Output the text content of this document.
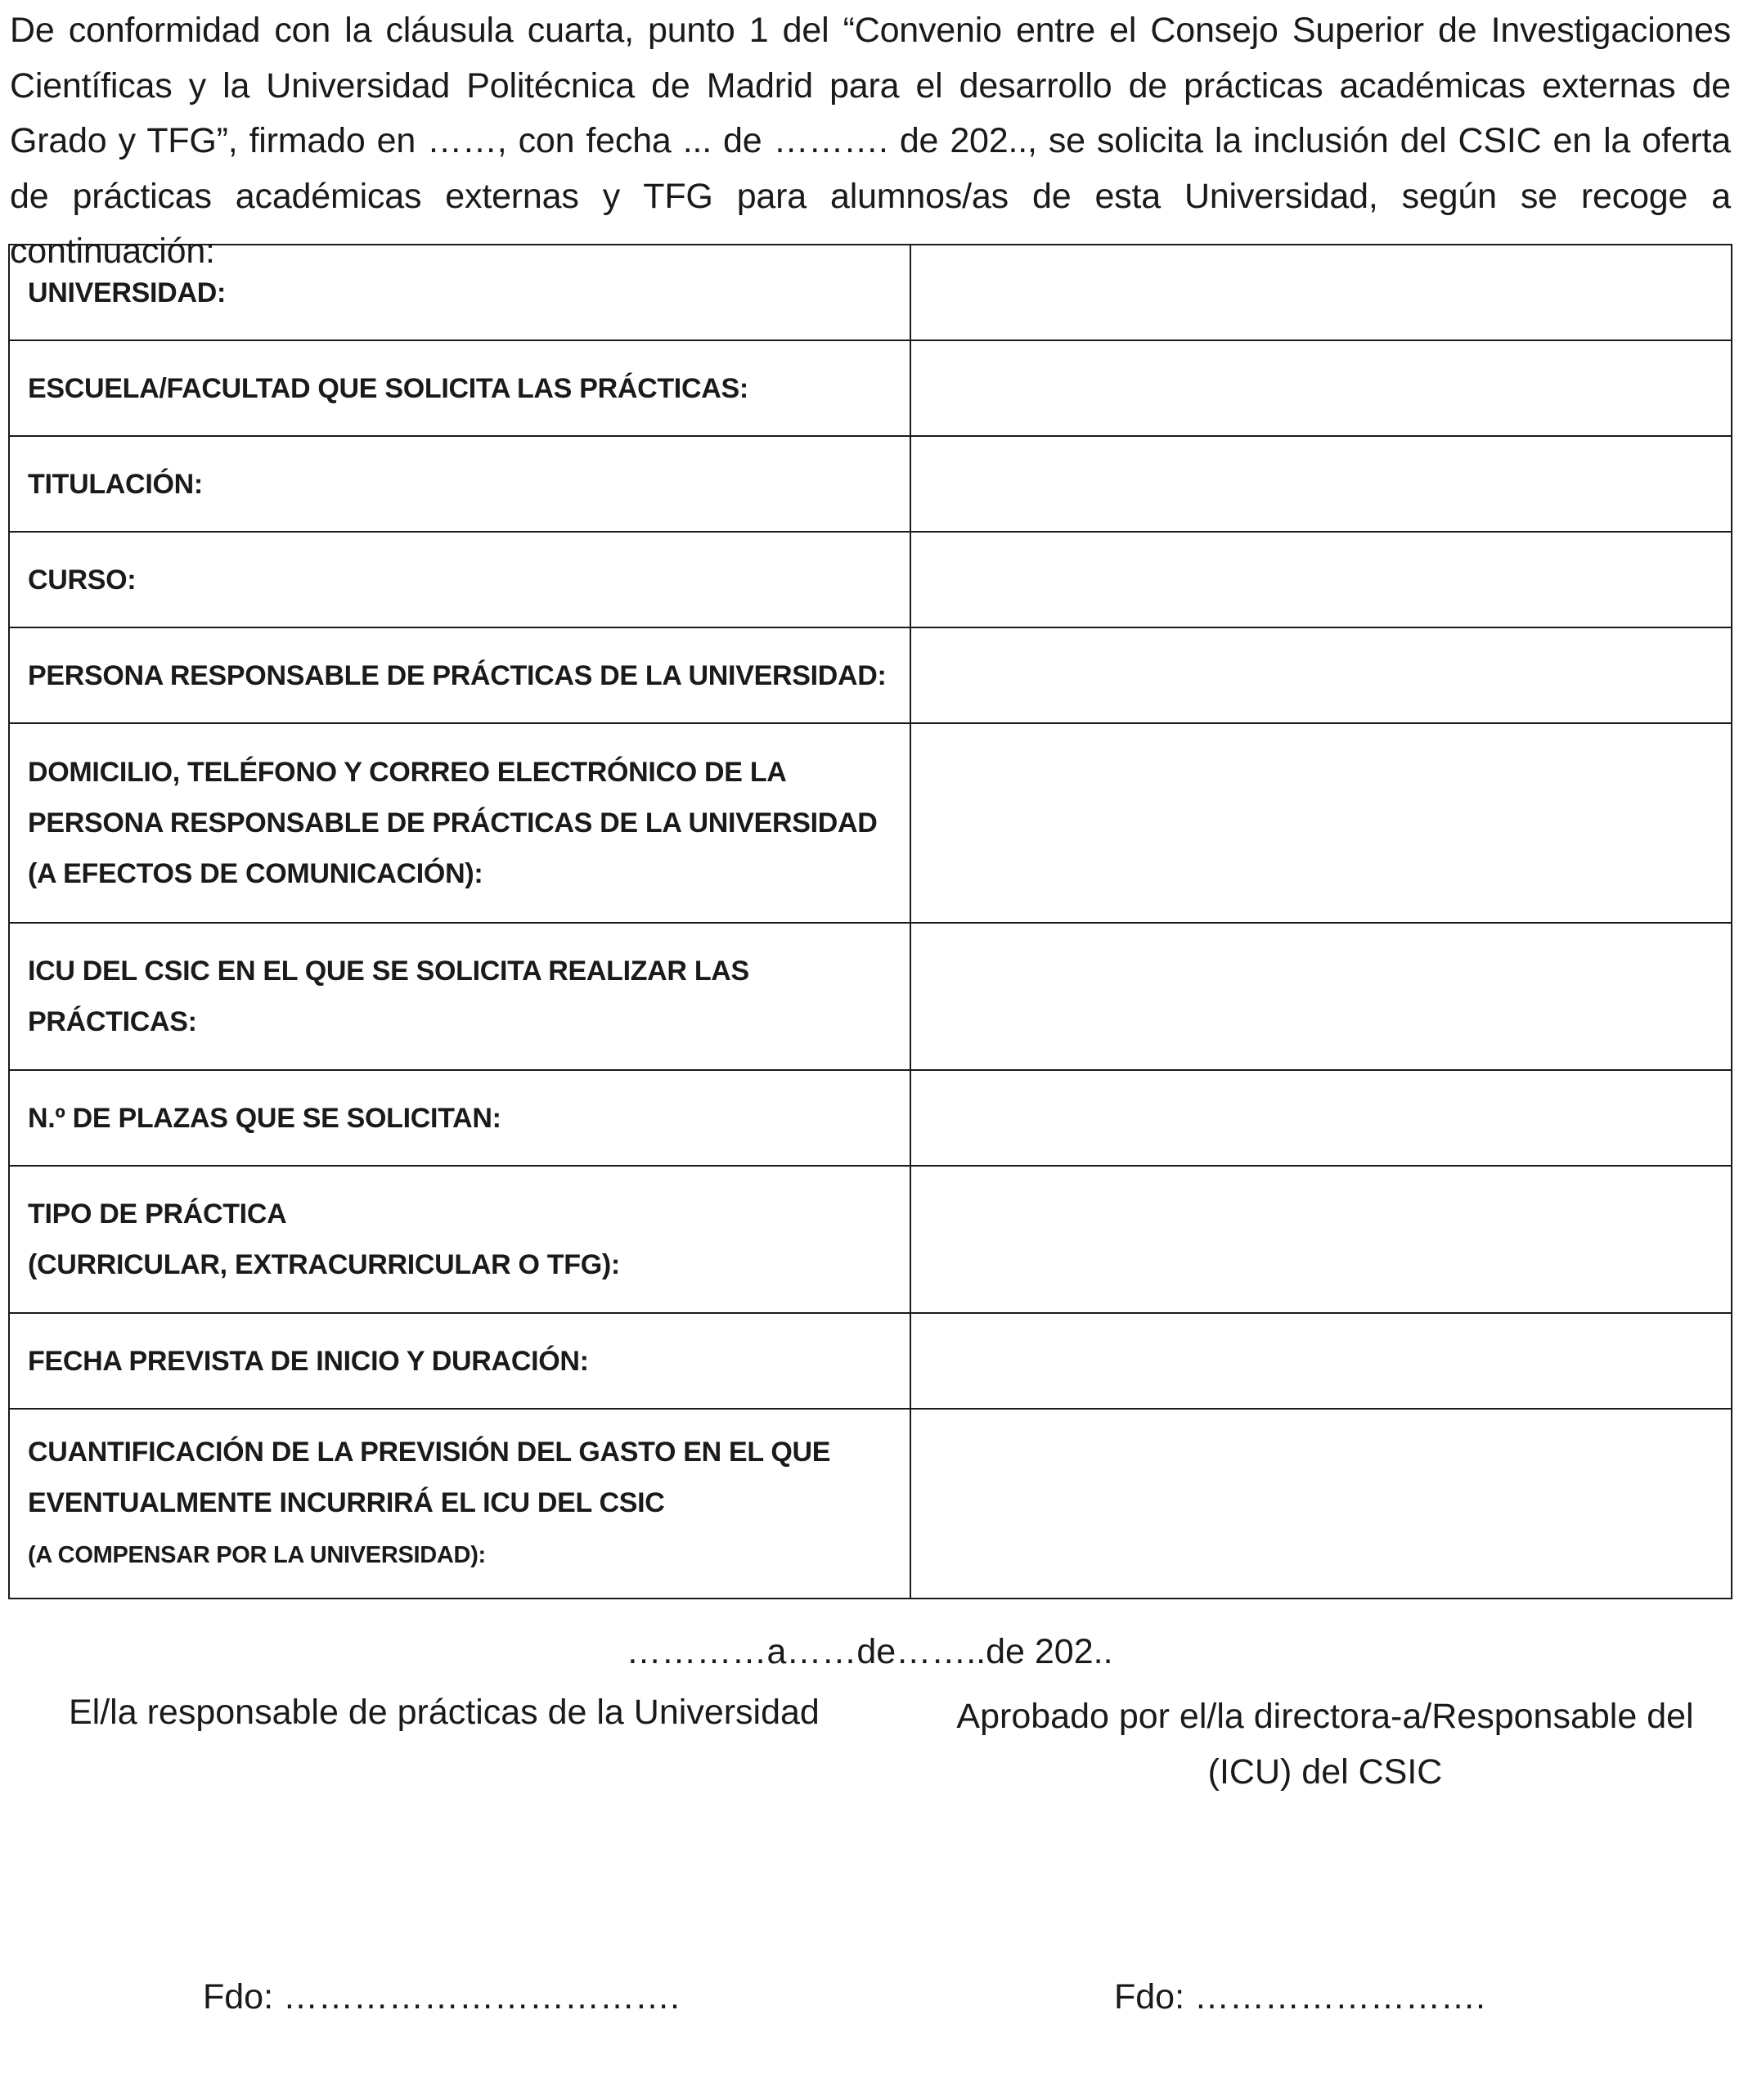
De conformidad con la cláusula cuarta, punto 1 del “Convenio entre el Consejo Superior de Investigaciones Científicas y la Universidad Politécnica de Madrid para el desarrollo de prácticas académicas externas de Grado y TFG”, firmado en ……, con fecha ... de ………. de 202.., se solicita la inclusión del CSIC en la oferta de prácticas académicas externas y TFG para alumnos/as de esta Universidad, según se recoge a continuación:

UNIVERSIDAD:	

ESCUELA/FACULTAD QUE SOLICITA LAS PRÁCTICAS:	

TITULACIÓN:	

CURSO:	

PERSONA RESPONSABLE DE PRÁCTICAS DE LA UNIVERSIDAD:	

DOMICILIO, TELÉFONO Y CORREO ELECTRÓNICO DE LA
PERSONA RESPONSABLE DE PRÁCTICAS DE LA UNIVERSIDAD
(A EFECTOS DE COMUNICACIÓN):	

ICU DEL CSIC EN EL QUE SE SOLICITA REALIZAR LAS
PRÁCTICAS:	

N.º DE PLAZAS QUE SE SOLICITAN:	

TIPO DE PRÁCTICA
(CURRICULAR, EXTRACURRICULAR O TFG):	

FECHA PREVISTA DE INICIO Y DURACIÓN:	

CUANTIFICACIÓN DE LA PREVISIÓN DEL GASTO EN EL QUE
EVENTUALMENTE INCURRIRÁ EL ICU DEL CSIC
(A COMPENSAR POR LA UNIVERSIDAD):	

…………a……de……..de 202..
El/la responsable de prácticas de la Universidad	Aprobado por el/la directora-a/Responsable del (ICU) del CSIC
Fdo: …………………………….	Fdo: …………………….
